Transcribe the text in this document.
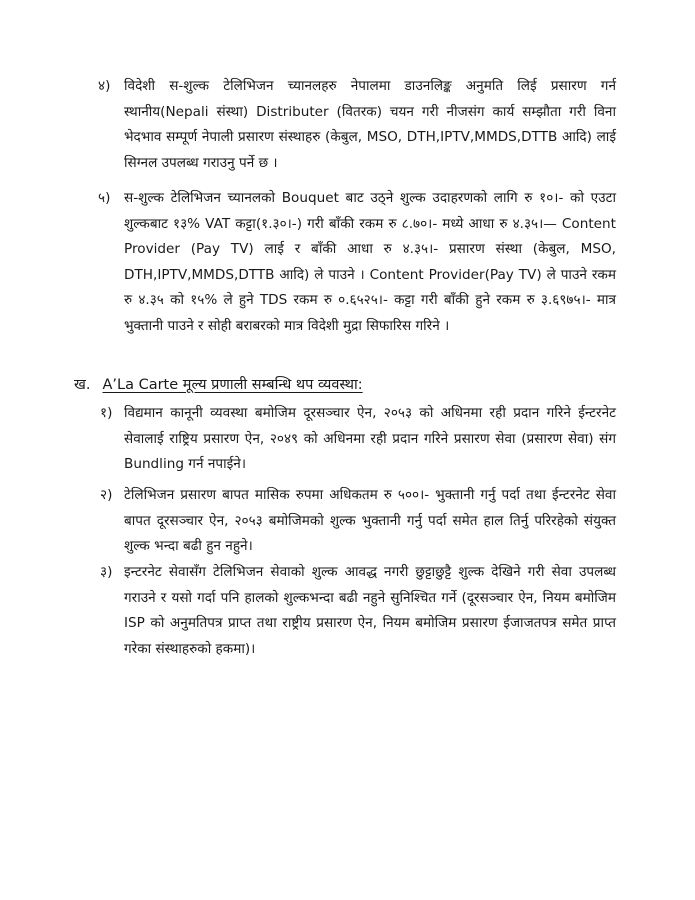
४)	विदेशी स-शुल्क टेलिभिजन च्यानलहरु नेपालमा डाउनलिङ्क अनुमति लिई प्रसारण गर्न स्थानीय(Nepali संस्था) Distributer (वितरक) चयन गरी नीजसंग कार्य सम्झौता गरी विना भेदभाव सम्पूर्ण नेपाली प्रसारण संस्थाहरु (केबुल, MSO, DTH,IPTV,MMDS,DTTB आदि) लाई सिग्नल उपलब्ध गराउनु पर्ने छ ।
५)	स-शुल्क टेलिभिजन च्यानलको Bouquet बाट उठ्ने शुल्क उदाहरणको लागि रु १०।- को एउटा शुल्कबाट १३% VAT कट्टा(१.३०।-) गरी बाँकी रकम रु ८.७०।- मध्ये आधा रु ४.३५।— Content Provider (Pay TV) लाई र बाँकी आधा रु ४.३५।- प्रसारण संस्था (केबुल, MSO, DTH,IPTV,MMDS,DTTB आदि) ले पाउने । Content Provider(Pay TV) ले पाउने रकम रु ४.३५ को १५% ले हुने TDS रकम रु ०.६५२५।- कट्टा गरी बाँकी हुने रकम रु ३.६९७५।- मात्र भुक्तानी पाउने र सोही बराबरको मात्र विदेशी मुद्रा सिफारिस गरिने ।
ख. A’La Carte मूल्य प्रणाली सम्बन्धि थप व्यवस्था:
१) विद्यमान कानूनी व्यवस्था बमोजिम दूरसञ्चार ऐन, २०५३ को अधिनमा रही प्रदान गरिने ईन्टरनेट सेवालाई राष्ट्रिय प्रसारण ऐन, २०४९ को अधिनमा रही प्रदान गरिने प्रसारण सेवा (प्रसारण सेवा) संग Bundling गर्न नपाईने।
२) टेलिभिजन प्रसारण बापत मासिक रुपमा अधिकतम रु ५००।- भुक्तानी गर्नु पर्दा तथा ईन्टरनेट सेवा बापत दूरसञ्चार ऐन, २०५३ बमोजिमको शुल्क भुक्तानी गर्नु पर्दा समेत हाल तिर्नु परिरहेको संयुक्त शुल्क भन्दा बढी हुन नहुने।
३) इन्टरनेट सेवासँग टेलिभिजन सेवाको शुल्क आवद्ध नगरी छुट्टाछुट्टै शुल्क देखिने गरी सेवा उपलब्ध गराउने र यसो गर्दा पनि हालको शुल्कभन्दा बढी नहुने सुनिश्चित गर्ने (दूरसञ्चार ऐन, नियम बमोजिम ISP को अनुमतिपत्र प्राप्त तथा राष्ट्रीय प्रसारण ऐन, नियम बमोजिम प्रसारण ईजाजतपत्र समेत प्राप्त गरेका संस्थाहरुको हकमा)।
